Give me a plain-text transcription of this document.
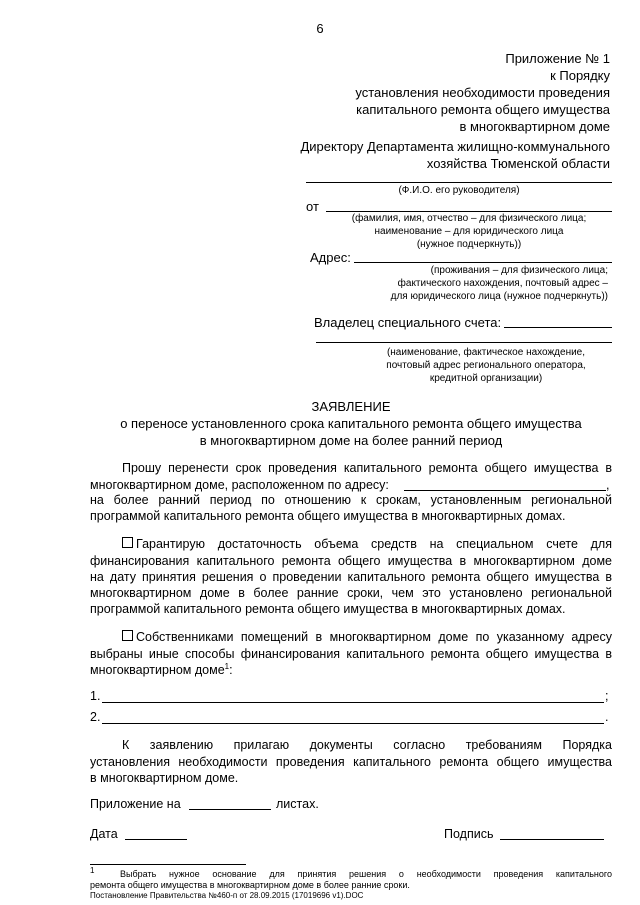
6
Приложение № 1
к Порядку
установления необходимости проведения
капитального ремонта общего имущества
в многоквартирном доме
Директору Департамента жилищно-коммунального
хозяйства Тюменской области
(Ф.И.О. его руководителя)
от
(фамилия, имя, отчество – для физического лица;
наименование – для юридического лица
(нужное подчеркнуть))
Адрес:
(проживания – для физического лица;
фактического нахождения, почтовый адрес –
для юридического лица (нужное подчеркнуть))
Владелец специального счета:
(наименование, фактическое нахождение,
почтовый адрес регионального оператора,
кредитной организации)
ЗАЯВЛЕНИЕ
о переносе установленного срока капитального ремонта общего имущества
в многоквартирном доме на более ранний период
Прошу перенести срок проведения капитального ремонта общего имущества в
многоквартирном доме, расположенном по адресу:	,
на более ранний период по отношению к срокам, установленным региональной
программой капитального ремонта общего имущества в многоквартирных домах.
Гарантирую достаточность объема средств на специальном счете для
финансирования капитального ремонта общего имущества в многоквартирном доме
на дату принятия решения о проведении капитального ремонта общего имущества в
многоквартирном доме в более ранние сроки, чем это установлено региональной
программой капитального ремонта общего имущества в многоквартирных домах.
Собственниками помещений в многоквартирном доме по указанному адресу
выбраны иные способы финансирования капитального ремонта общего имущества в
многоквартирном доме$^1$:
1.	;
2.	.
К заявлению прилагаю документы согласно требованиям Порядка
установления необходимости проведения капитального ремонта общего имущества
в многоквартирном доме.
Приложение на	листах.
Дата	Подпись
$^1$	Выбрать нужное основание для принятия решения о необходимости проведения капитального
ремонта общего имущества в многоквартирном доме в более ранние сроки.
Постановление Правительства №460-п от 28.09.2015 (17019696 v1).DOC
